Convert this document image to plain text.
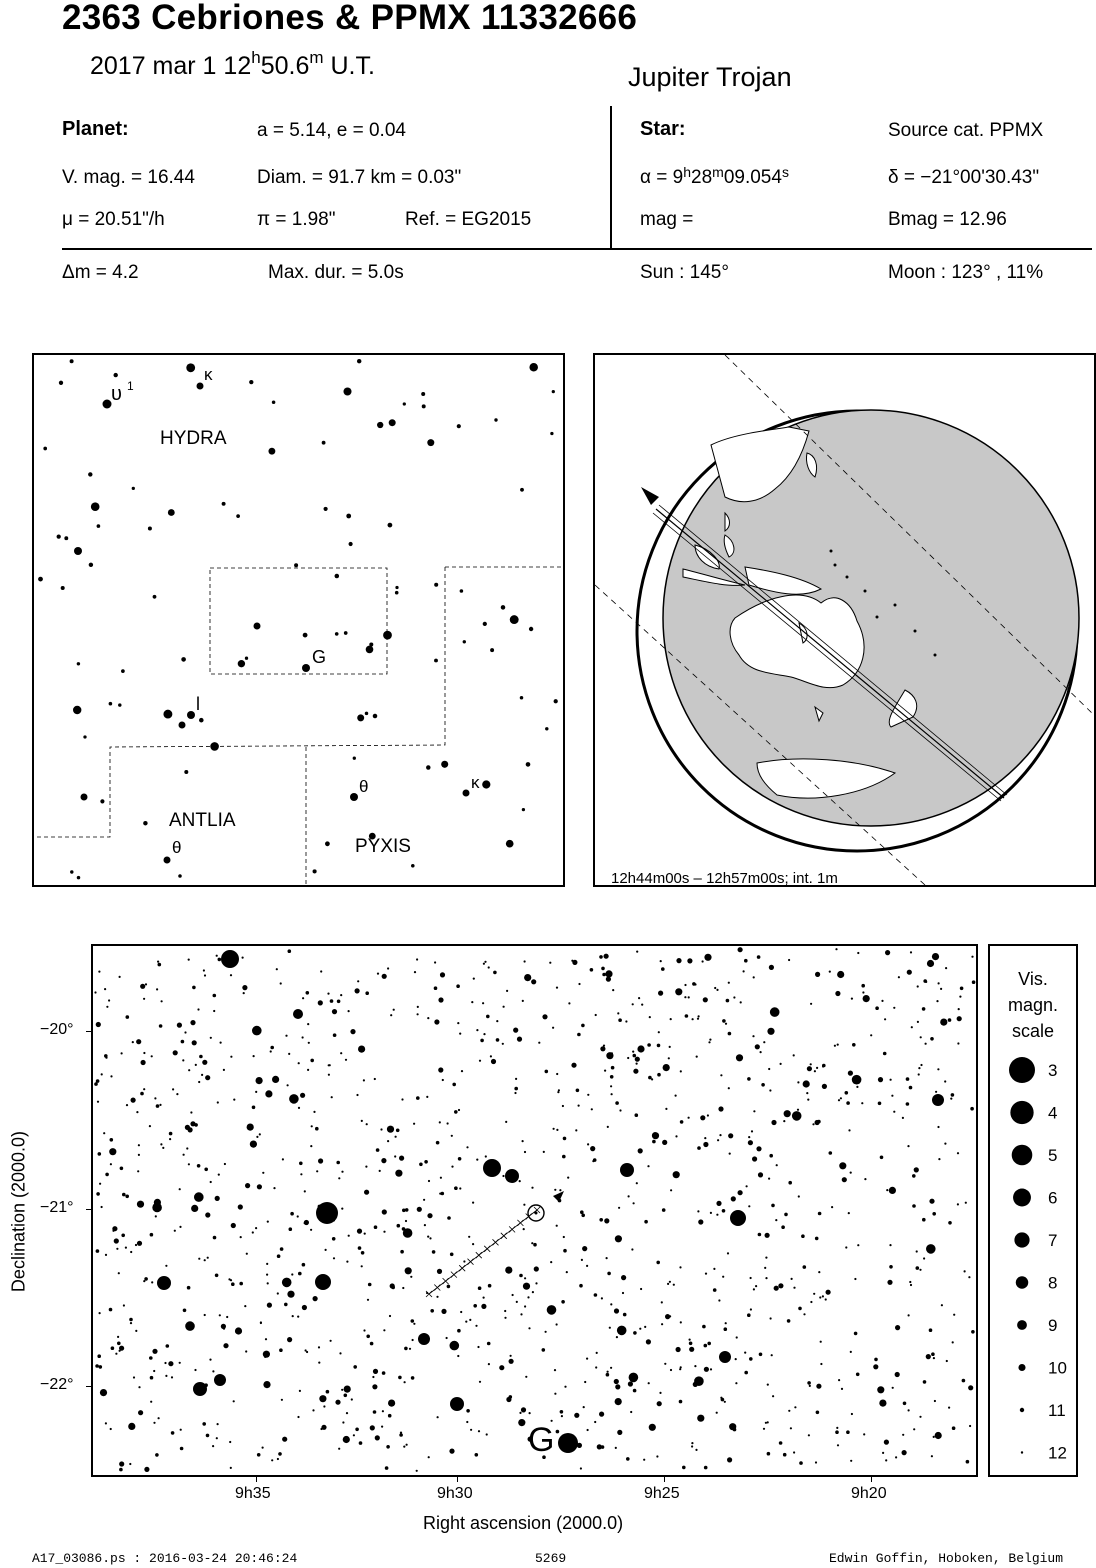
2363 Cebriones & PPMX 11332666
2017 mar 1 12$^h$50.6$^m$ U.T.	Jupiter Trojan
Planet:	a = 5.14, e = 0.04
V. mag. = 16.44	Diam. = 91.7 km = 0.03"
μ = 20.51"/h	π = 1.98"	Ref. = EG2015
Star:	Source cat. PPMX
$\alpha = 9^h28^m09.054^s$	δ = −21°00'30.43"
mag =	Bmag = 12.96
Δm = 4.2	Max. dur. = 5.0s	Sun : 145°	Moon : 123° , 11%
HYDRA
ANTLIA
PYXIS
G
υ 1
κ
κ
θ
θ
l
12h44m00s – 12h57m00s; int. 1m
G
−20°
−21°
−22°
9h35	9h30	9h25	9h20
Right ascension (2000.0)
Declination (2000.0)
Vis.
magn.
scale
3
4
5
6
7
8
9
10
11
12
A17_03086.ps : 2016-03-24 20:46:24	5269	Edwin Goffin, Hoboken, Belgium
